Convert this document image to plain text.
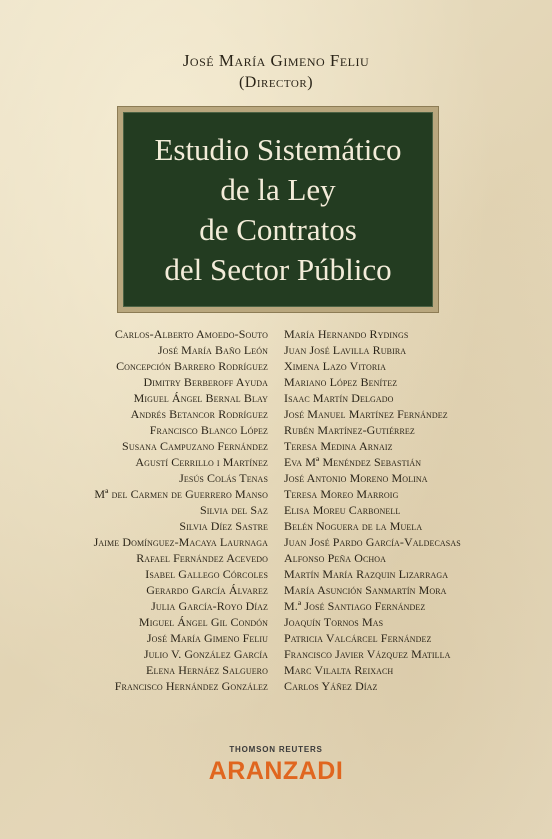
José María Gimeno Feliu
(Director)
Estudio Sistemático
de la Ley
de Contratos
del Sector Público
Carlos-Alberto Amoedo-Souto
José María Baño León
Concepción Barrero Rodríguez
Dimitry Berberoff Ayuda
Miguel Ángel Bernal Blay
Andrés Betancor Rodríguez
Francisco Blanco López
Susana Campuzano Fernández
Agustí Cerrillo i Martínez
Jesús Colás Tenas
Mª del Carmen de Guerrero Manso
Silvia del Saz
Silvia Díez Sastre
Jaime Domínguez-Macaya Laurnaga
Rafael Fernández Acevedo
Isabel Gallego Córcoles
Gerardo García Álvarez
Julia García-Royo Díaz
Miguel Ángel Gil Condón
José María Gimeno Feliu
Julio V. González García
Elena Hernáez Salguero
Francisco Hernández González
María Hernando Rydings
Juan José Lavilla Rubira
Ximena Lazo Vitoria
Mariano López Benítez
Isaac Martín Delgado
José Manuel Martínez Fernández
Rubén Martínez-Gutiérrez
Teresa Medina Arnaiz
Eva Mª Menéndez Sebastián
José Antonio Moreno Molina
Teresa Moreo Marroig
Elisa Moreu Carbonell
Belén Noguera de la Muela
Juan José Pardo García-Valdecasas
Alfonso Peña Ochoa
Martín María Razquin Lizarraga
María Asunción Sanmartín Mora
M.ª José Santiago Fernández
Joaquín Tornos Mas
Patricia Valcárcel Fernández
Francisco Javier Vázquez Matilla
Marc Vilalta Reixach
Carlos Yáñez Díaz
THOMSON REUTERS
ARANZADI
